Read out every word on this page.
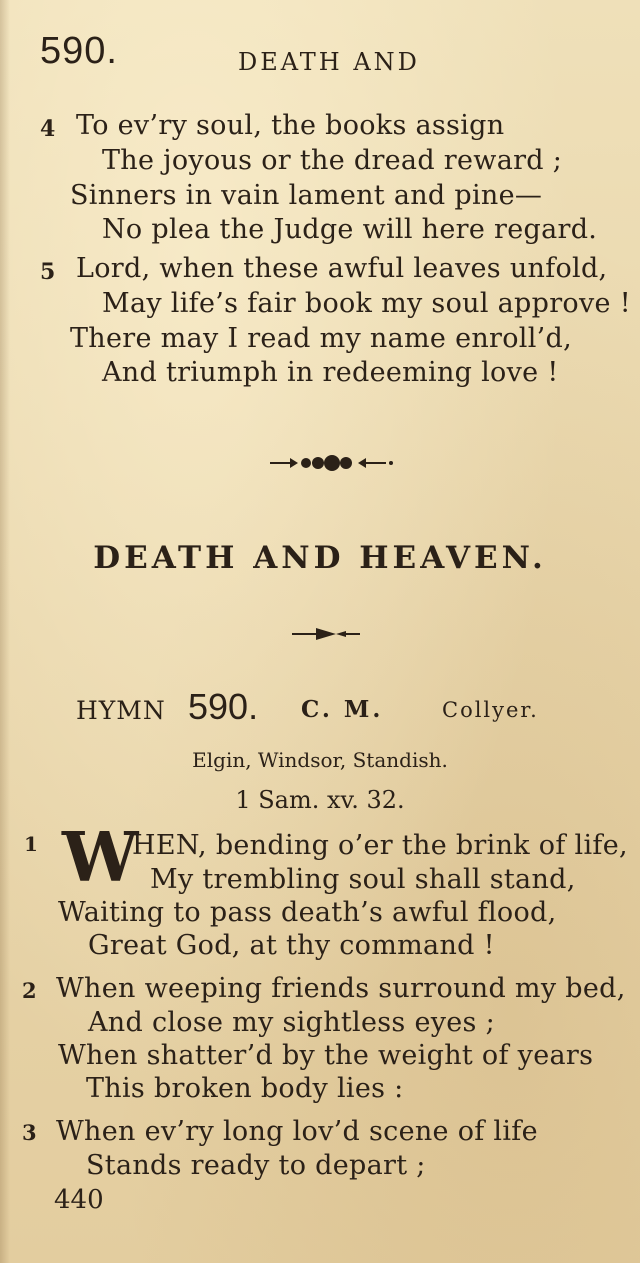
590.	DEATH AND
4 To ev’ry soul, the books assign
The joyous or the dread reward ;
Sinners in vain lament and pine—
No plea the Judge will here regard.
5 Lord, when these awful leaves unfold,
May life’s fair book my soul approve !
There may I read my name enroll’d,
And triumph in redeeming love !
DEATH AND HEAVEN.
HYMN 590. C. M.	Collyer.
Elgin, Windsor, Standish.
1 Sam. xv. 32.
1 W
HEN, bending o’er the brink of life,
My trembling soul shall stand,
Waiting to pass death’s awful flood,
Great God, at thy command !
2 When weeping friends surround my bed,
And close my sightless eyes ;
When shatter’d by the weight of years
This broken body lies :
3 When ev’ry long lov’d scene of life
Stands ready to depart ;
440
